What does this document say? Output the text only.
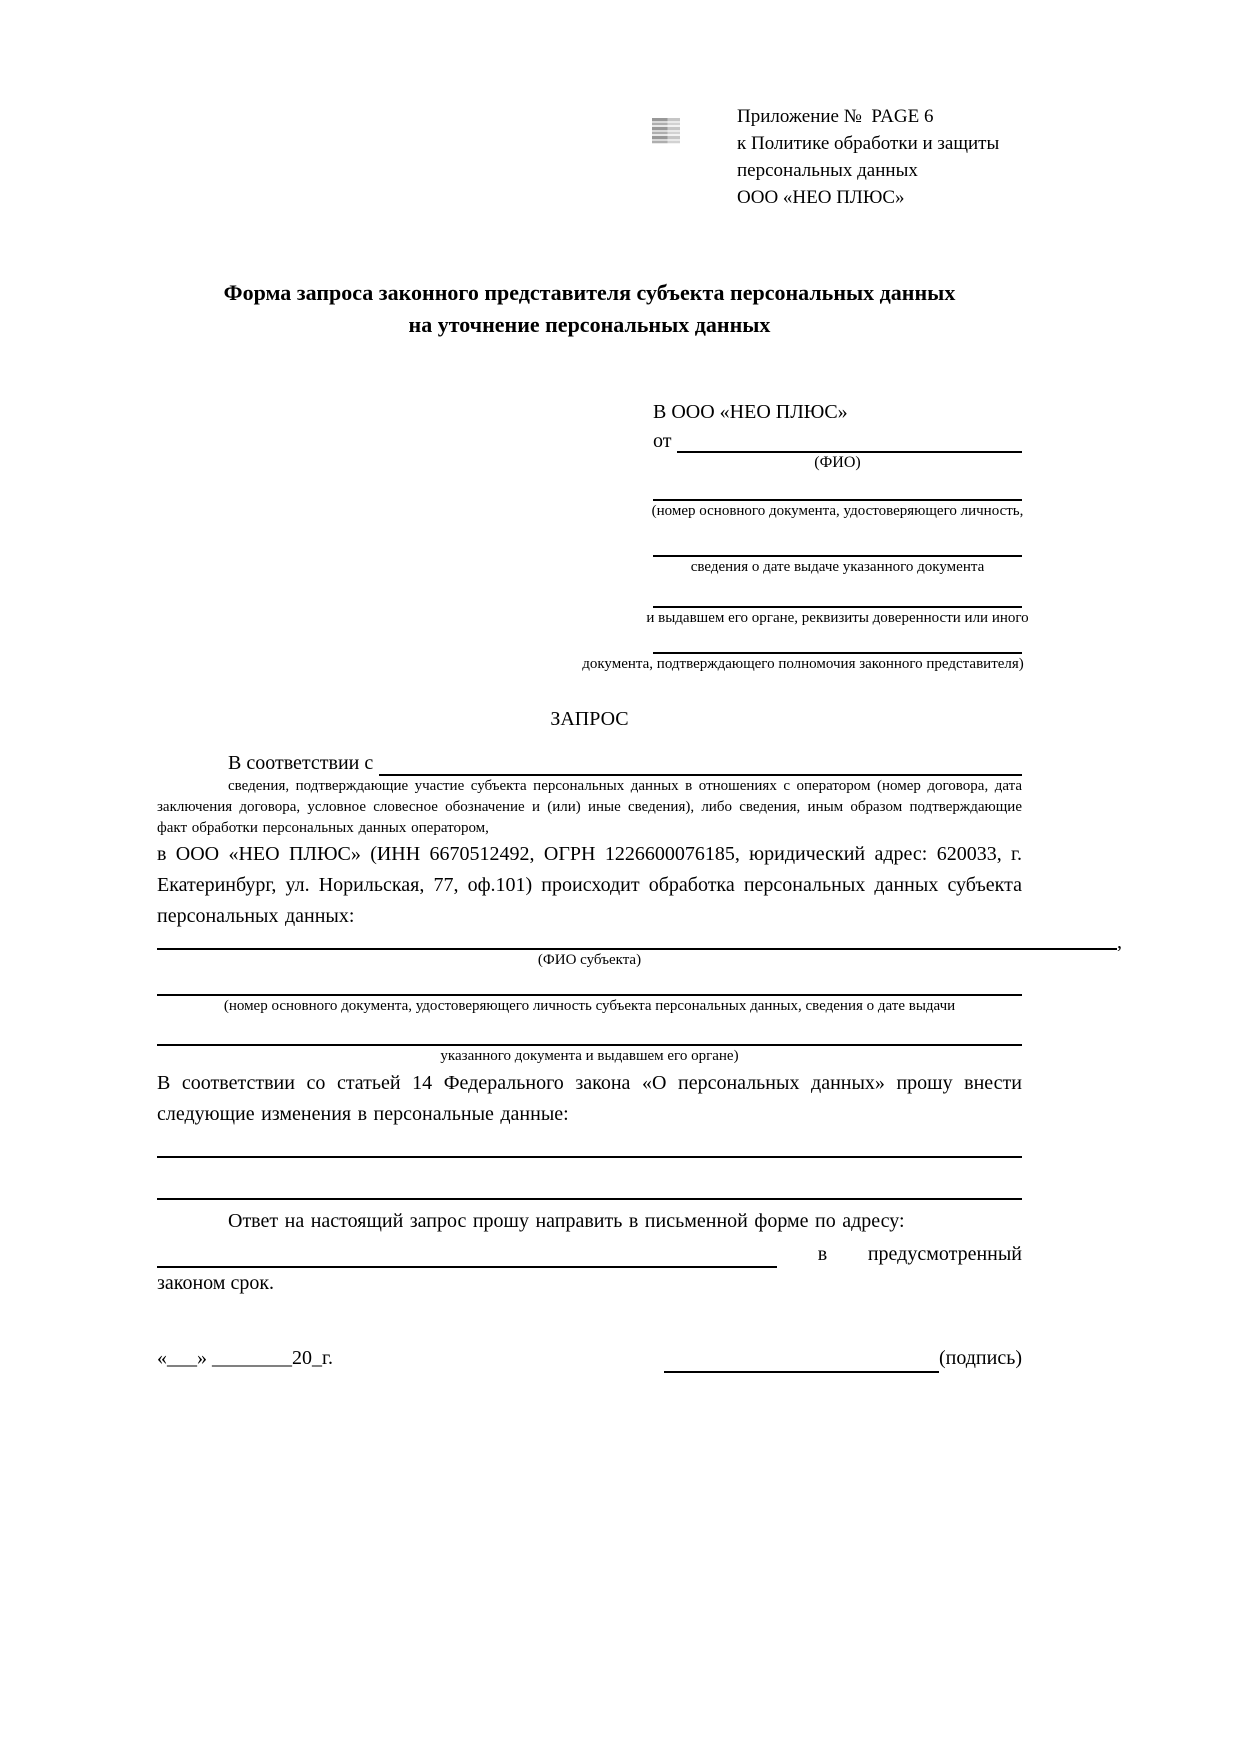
Приложение №  PAGE 6
к Политике обработки и защиты
персональных данных
ООО «НЕО ПЛЮС»
Форма запроса законного представителя субъекта персональных данных
на уточнение персональных данных
В ООО «НЕО ПЛЮС»
от
(ФИО)
(номер основного документа, удостоверяющего личность,
сведения о дате выдаче указанного документа
и выдавшем его органе, реквизиты доверенности или иного
документа, подтверждающего полномочия законного представителя)
ЗАПРОС
В соответствии с
сведения, подтверждающие участие субъекта персональных данных в отношениях с оператором (номер договора, дата заключения договора, условное словесное обозначение и (или) иные сведения), либо сведения, иным образом подтверждающие факт обработки персональных данных оператором,
в ООО «НЕО ПЛЮС» (ИНН 6670512492, ОГРН 1226600076185, юридический адрес: 620033, г. Екатеринбург, ул. Норильская, 77, оф.101) происходит обработка персональных данных субъекта персональных данных:
,
(ФИО субъекта)
(номер основного документа, удостоверяющего личность субъекта персональных данных, сведения о дате выдачи
указанного документа и выдавшем его органе)
В соответствии со статьей 14 Федерального закона «О персональных данных» прошу внести следующие изменения в персональные данные:
Ответ на настоящий запрос прошу направить в письменной форме по адресу:
в предусмотренный
законом срок.
«___» ________20_г.	(подпись)
